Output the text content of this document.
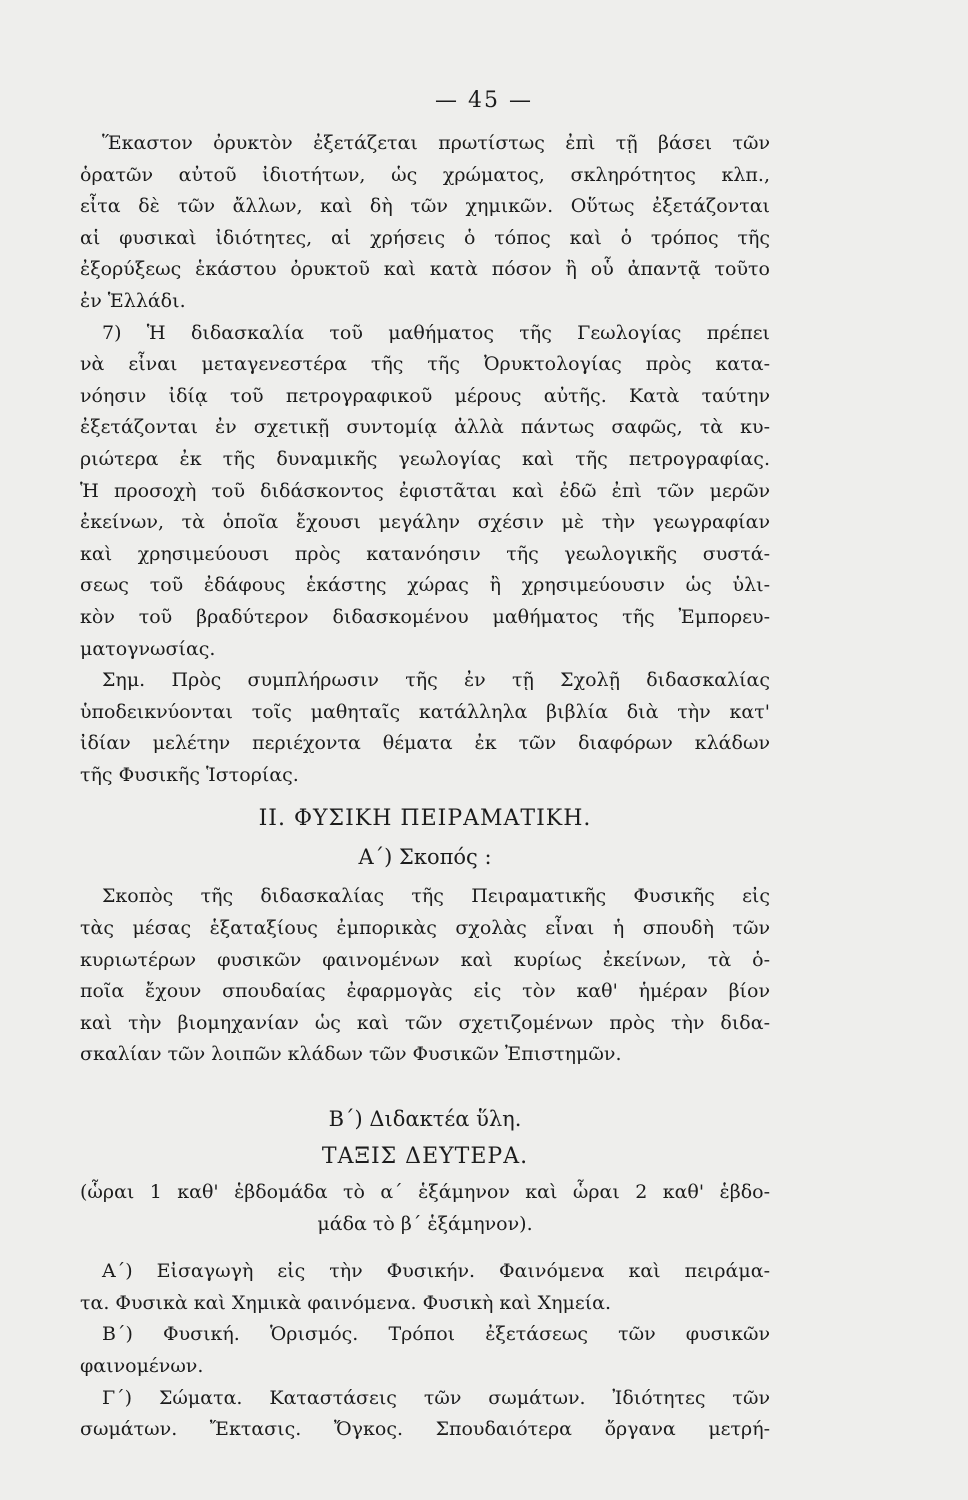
— 45 —
Ἕκαστον ὀρυκτὸν ἐξετάζεται πρωτίστως ἐπὶ τῇ βάσει τῶν
ὁρατῶν αὐτοῦ ἰδιοτήτων, ὡς χρώματος, σκληρότητος κλπ.,
εἶτα δὲ τῶν ἄλλων, καὶ δὴ τῶν χημικῶν. Οὕτως ἐξετάζονται
αἱ φυσικαὶ ἰδιότητες, αἱ χρήσεις ὁ τόπος καὶ ὁ τρόπος τῆς
ἐξορύξεως ἑκάστου ὀρυκτοῦ καὶ κατὰ πόσον ἢ οὗ ἀπαντᾷ τοῦτο
ἐν Ἑλλάδι.
7) Ἡ διδασκαλία τοῦ μαθήματος τῆς Γεωλογίας πρέπει
νὰ εἶναι μεταγενεστέρα τῆς τῆς Ὀρυκτολογίας πρὸς κατα-
νόησιν ἰδίᾳ τοῦ πετρογραφικοῦ μέρους αὐτῆς. Κατὰ ταύτην
ἐξετάζονται ἐν σχετικῇ συντομίᾳ ἀλλὰ πάντως σαφῶς, τὰ κυ-
ριώτερα ἐκ τῆς δυναμικῆς γεωλογίας καὶ τῆς πετρογραφίας.
Ἡ προσοχὴ τοῦ διδάσκοντος ἐφιστᾶται καὶ ἐδῶ ἐπὶ τῶν μερῶν
ἐκείνων, τὰ ὁποῖα ἔχουσι μεγάλην σχέσιν μὲ τὴν γεωγραφίαν
καὶ χρησιμεύουσι πρὸς κατανόησιν τῆς γεωλογικῆς συστά-
σεως τοῦ ἐδάφους ἑκάστης χώρας ἢ χρησιμεύουσιν ὡς ὑλι-
κὸν τοῦ βραδύτερον διδασκομένου μαθήματος τῆς Ἐμπορευ-
ματογνωσίας.
Σημ. Πρὸς συμπλήρωσιν τῆς ἐν τῇ Σχολῇ διδασκαλίας
ὑποδεικνύονται τοῖς μαθηταῖς κατάλληλα βιβλία διὰ τὴν κατ'
ἰδίαν μελέτην περιέχοντα θέματα ἐκ τῶν διαφόρων κλάδων
τῆς Φυσικῆς Ἱστορίας.
ΙΙ. ΦΥΣΙΚΗ ΠΕΙΡΑΜΑΤΙΚΗ.
Α΄) Σκοπός :
Σκοπὸς τῆς διδασκαλίας τῆς Πειραματικῆς Φυσικῆς εἰς
τὰς μέσας ἑξαταξίους ἐμπορικὰς σχολὰς εἶναι ἡ σπουδὴ τῶν
κυριωτέρων φυσικῶν φαινομένων καὶ κυρίως ἐκείνων, τὰ ὁ-
ποῖα ἔχουν σπουδαίας ἐφαρμογὰς εἰς τὸν καθ' ἡμέραν βίον
καὶ τὴν βιομηχανίαν ὡς καὶ τῶν σχετιζομένων πρὸς τὴν διδα-
σκαλίαν τῶν λοιπῶν κλάδων τῶν Φυσικῶν Ἐπιστημῶν.
Β΄) Διδακτέα ὕλη.
ΤΑΞΙΣ ΔΕΥΤΕΡΑ.
(ὧραι 1 καθ' ἑβδομάδα τὸ α΄ ἑξάμηνον καὶ ὧραι 2 καθ' ἑβδο-
μάδα τὸ β΄ ἑξάμηνον).
Α΄) Εἰσαγωγὴ εἰς τὴν Φυσικήν. Φαινόμενα καὶ πειράμα-
τα. Φυσικὰ καὶ Χημικὰ φαινόμενα. Φυσικὴ καὶ Χημεία.
Β΄) Φυσική. Ὁρισμός. Τρόποι ἐξετάσεως τῶν φυσικῶν
φαινομένων.
Γ΄) Σώματα. Καταστάσεις τῶν σωμάτων. Ἰδιότητες τῶν
σωμάτων. Ἔκτασις. Ὄγκος. Σπουδαιότερα ὄργανα μετρή-
